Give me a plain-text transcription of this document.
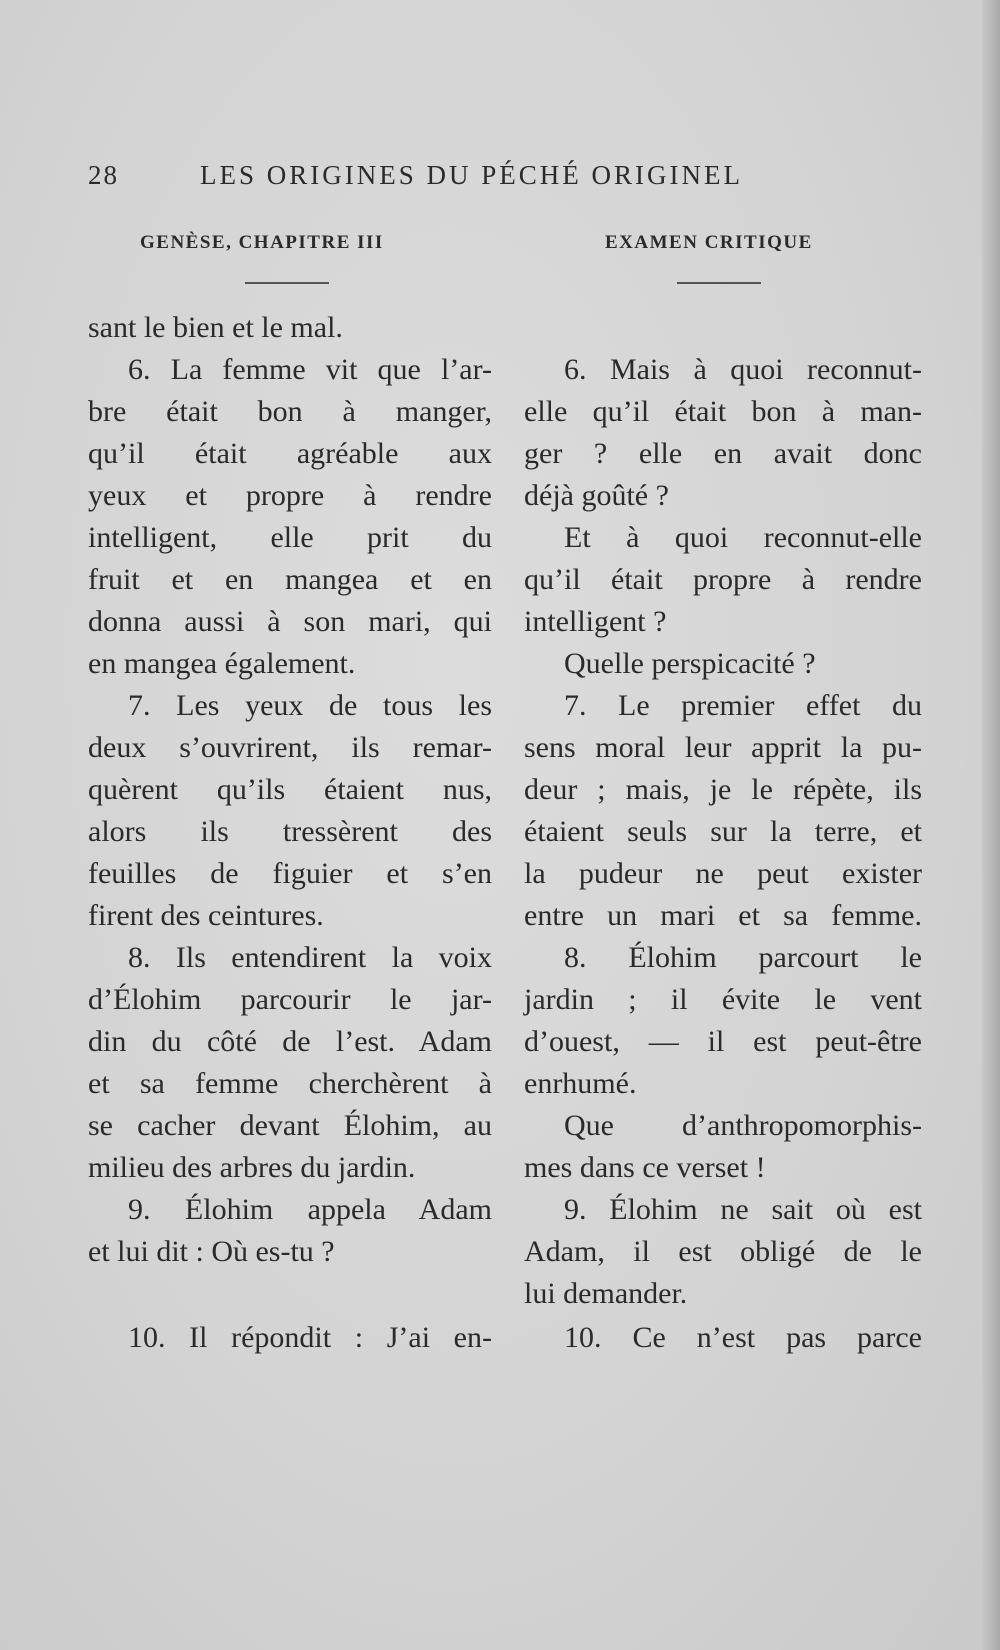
28	LES ORIGINES DU PÉCHÉ ORIGINEL
GENÈSE, CHAPITRE III	EXAMEN CRITIQUE
sant le bien et le mal.
6. La femme vit que l’ar-
bre était bon à manger,
qu’il était agréable aux
yeux et propre à rendre
intelligent, elle prit du
fruit et en mangea et en
donna aussi à son mari, qui
en mangea également.
7. Les yeux de tous les
deux s’ouvrirent, ils remar-
quèrent qu’ils étaient nus,
alors ils tressèrent des
feuilles de figuier et s’en
firent des ceintures.
8. Ils entendirent la voix
d’Élohim parcourir le jar-
din du côté de l’est. Adam
et sa femme cherchèrent à
se cacher devant Élohim, au
milieu des arbres du jardin.
9. Élohim appela Adam
et lui dit : Où es-tu ?
10. Il répondit : J’ai en-
6. Mais à quoi reconnut-
elle qu’il était bon à man-
ger ? elle en avait donc
déjà goûté ?
Et à quoi reconnut-elle
qu’il était propre à rendre
intelligent ?
Quelle perspicacité ?
7. Le premier effet du
sens moral leur apprit la pu-
deur ; mais, je le répète, ils
étaient seuls sur la terre, et
la pudeur ne peut exister
entre un mari et sa femme.
8. Élohim parcourt le
jardin ; il évite le vent
d’ouest, — il est peut-être
enrhumé.
Que d’anthropomorphis-
mes dans ce verset !
9. Élohim ne sait où est
Adam, il est obligé de le
lui demander.
10. Ce n’est pas parce
